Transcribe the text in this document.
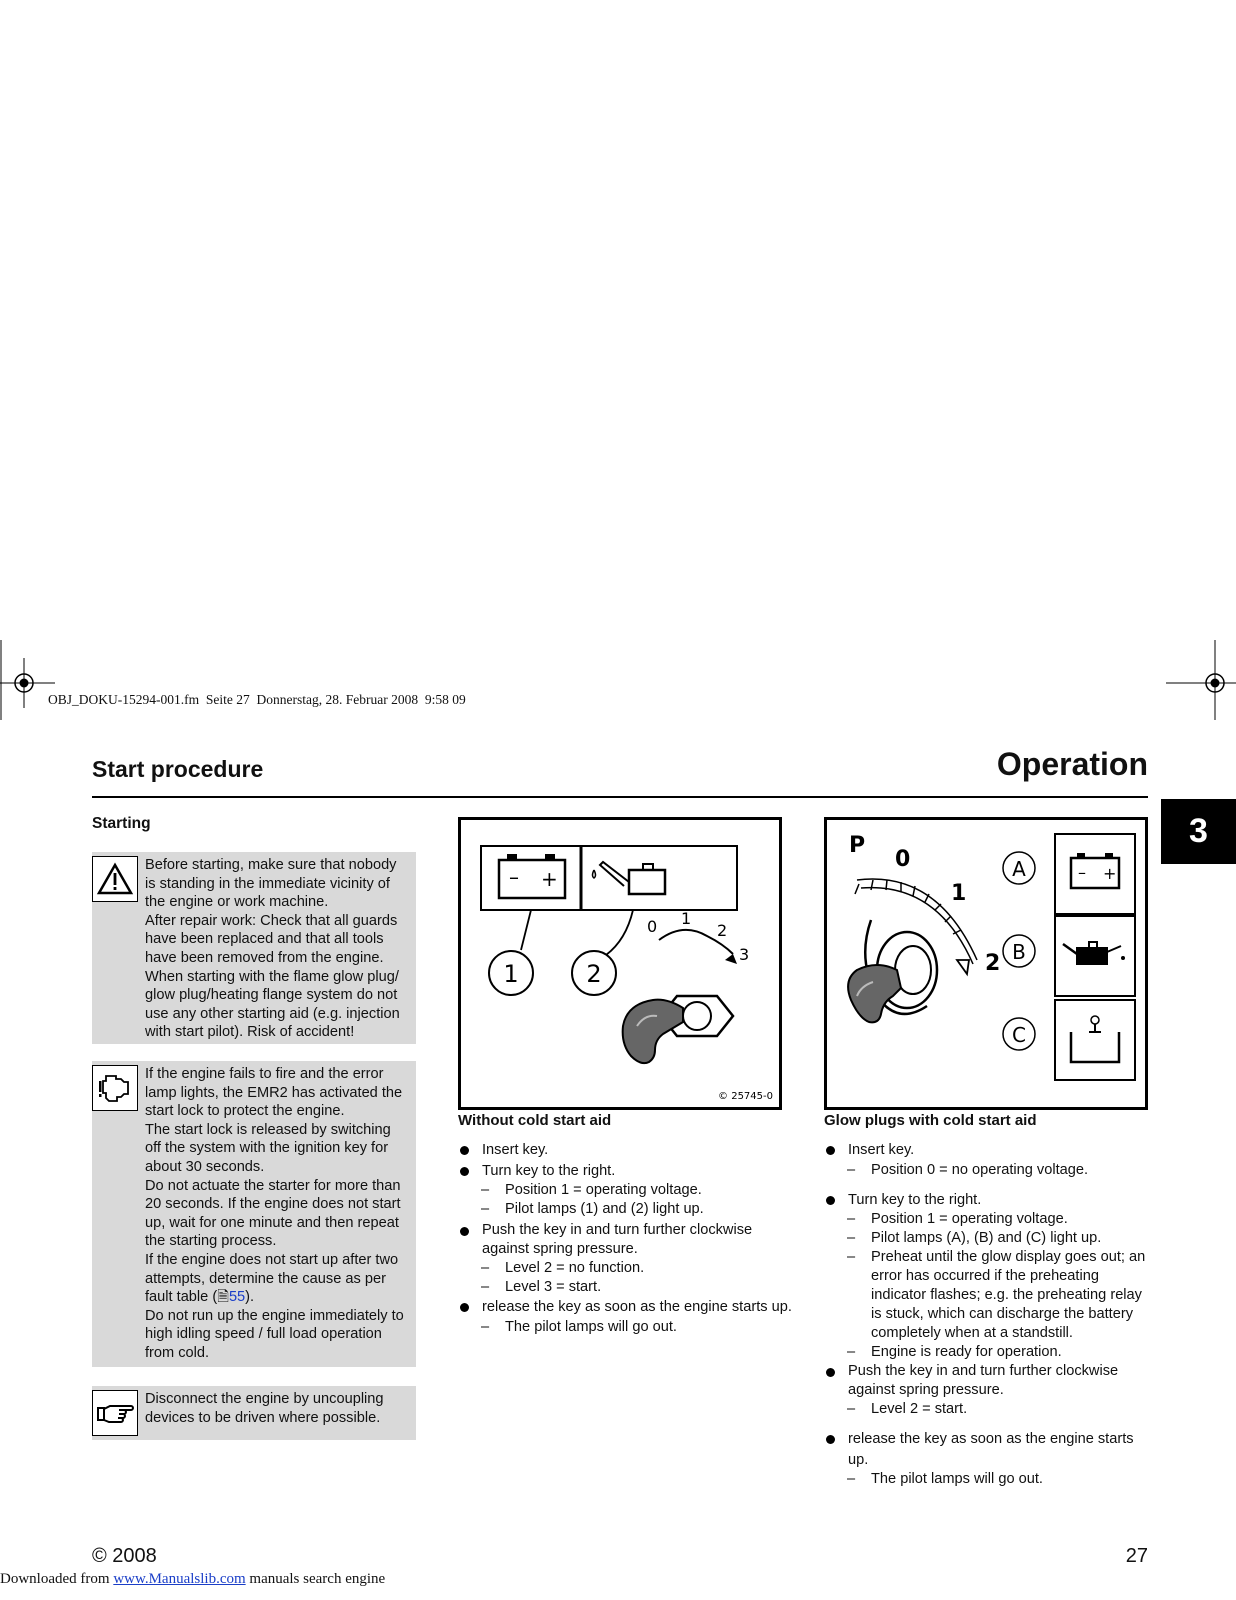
OBJ_DOKU-15294-001.fm  Seite 27  Donnerstag, 28. Februar 2008  9:58 09
Start procedure	Operation
3
Starting

Before starting, make sure that nobody is standing in the immediate vicinity of the engine or work machine.

After repair work: Check that all guards have been replaced and that all tools have been removed from the engine.

When starting with the flame glow plug/ glow plug/heating flange system do not use any other starting aid (e.g. injection with start pilot). Risk of accident!

If the engine fails to fire and the error lamp lights, the EMR2 has activated the start lock to protect the engine.

The start lock is released by switching off the system with the ignition key for about 30 seconds.

Do not actuate the starter for more than 20 seconds. If the engine does not start up, wait for one minute and then repeat the starting process.

If the engine does not start up after two attempts, determine the cause as per fault table (🗎55).

Do not run up the engine immediately to high idling speed / full load operation from cold.

Disconnect the engine by uncoupling devices to be driven where possible.

– +
1	2
0 1
2
3
© 25745-0
Without cold start aid
P
0
1
2
A
B
C
– +
Glow plugs with cold start aid
Insert key.
Turn key to the right.
– Position 1 = operating voltage.
– Pilot lamps (1) and (2) light up.
Push the key in and turn further clockwise against spring pressure.
– Level 2 = no function.
– Level 3 = start.
release the key as soon as the engine starts up.
– The pilot lamps will go out.
Insert key.
– Position 0 = no operating voltage.
Turn key to the right.
– Position 1 = operating voltage.
– Pilot lamps (A), (B) and (C) light up.
– Preheat until the glow display goes out; an error has occurred if the preheating indicator flashes; e.g. the preheating relay is stuck, which can discharge the battery completely when at a standstill.
– Engine is ready for operation.
Push the key in and turn further clockwise against spring pressure.
– Level 2 = start.
release the key as soon as the engine starts up.
– The pilot lamps will go out.
© 2008	27
Downloaded from www.Manualslib.com manuals search engine
